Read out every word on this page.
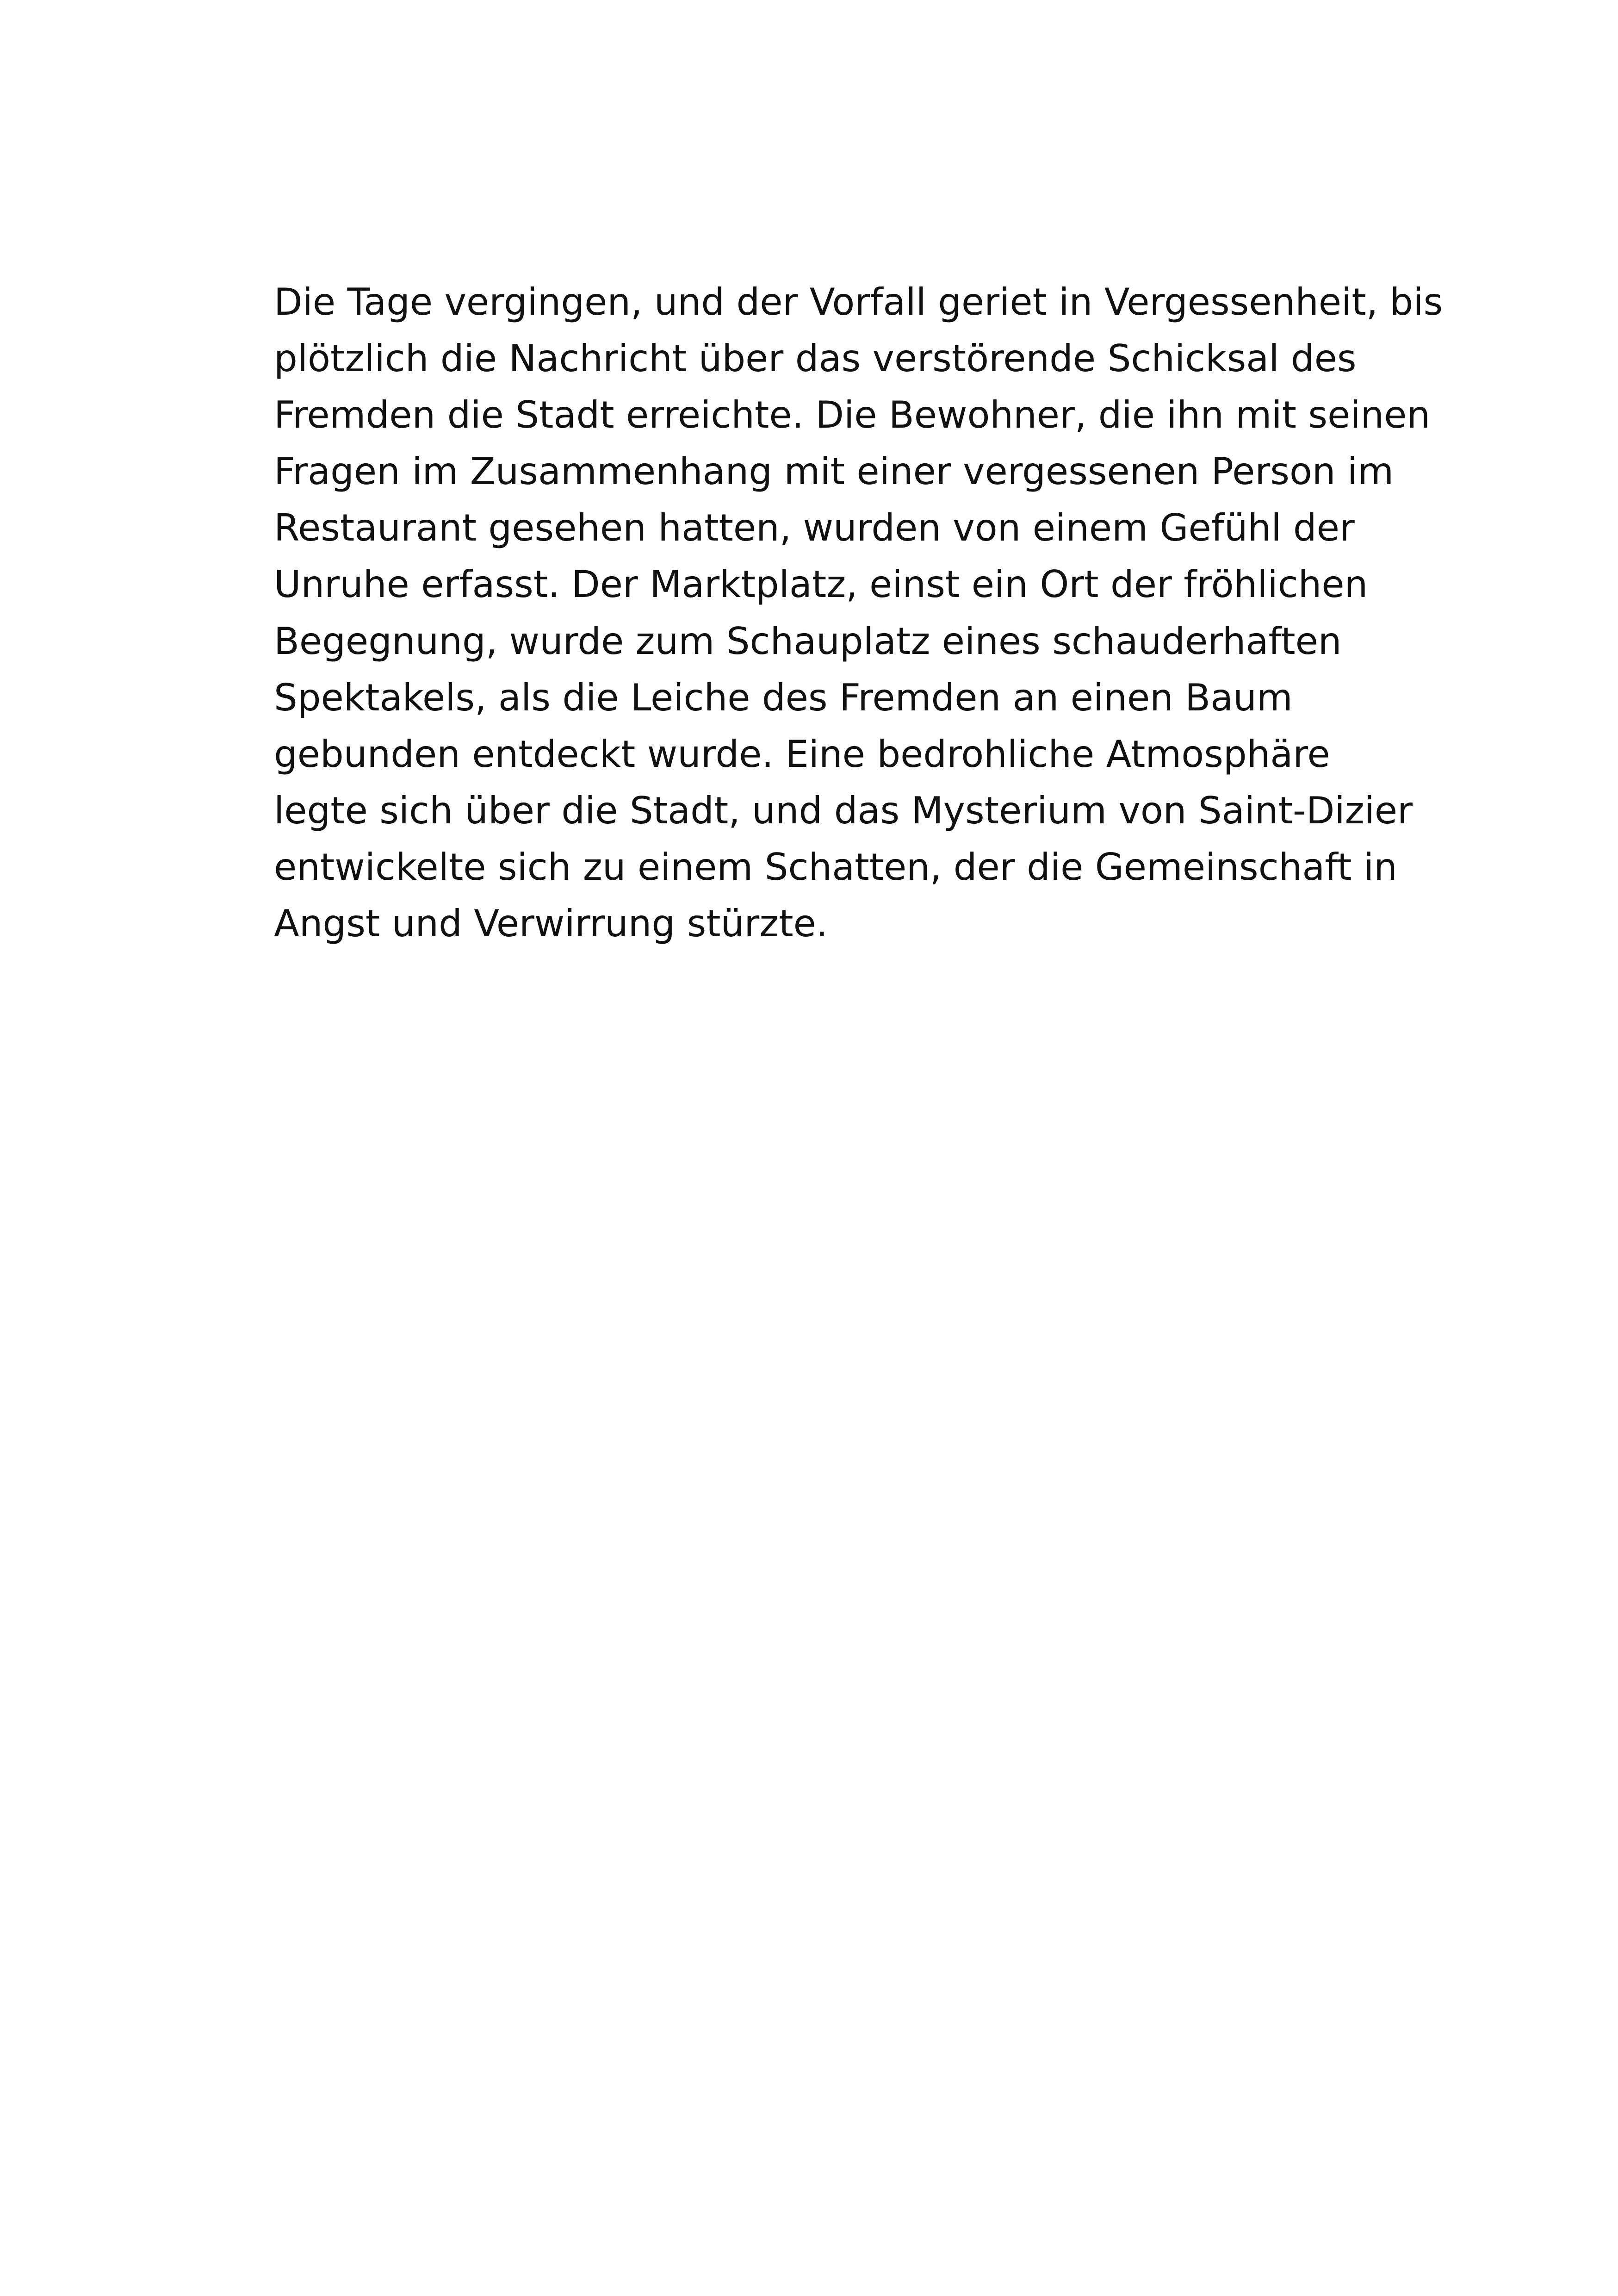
Die Tage vergingen, und der Vorfall geriet in Vergessenheit, bis
plötzlich die Nachricht über das verstörende Schicksal des
Fremden die Stadt erreichte. Die Bewohner, die ihn mit seinen
Fragen im Zusammenhang mit einer vergessenen Person im
Restaurant gesehen hatten, wurden von einem Gefühl der
Unruhe erfasst. Der Marktplatz, einst ein Ort der fröhlichen
Begegnung, wurde zum Schauplatz eines schauderhaften
Spektakels, als die Leiche des Fremden an einen Baum
gebunden entdeckt wurde. Eine bedrohliche Atmosphäre
legte sich über die Stadt, und das Mysterium von Saint-Dizier
entwickelte sich zu einem Schatten, der die Gemeinschaft in
Angst und Verwirrung stürzte.
